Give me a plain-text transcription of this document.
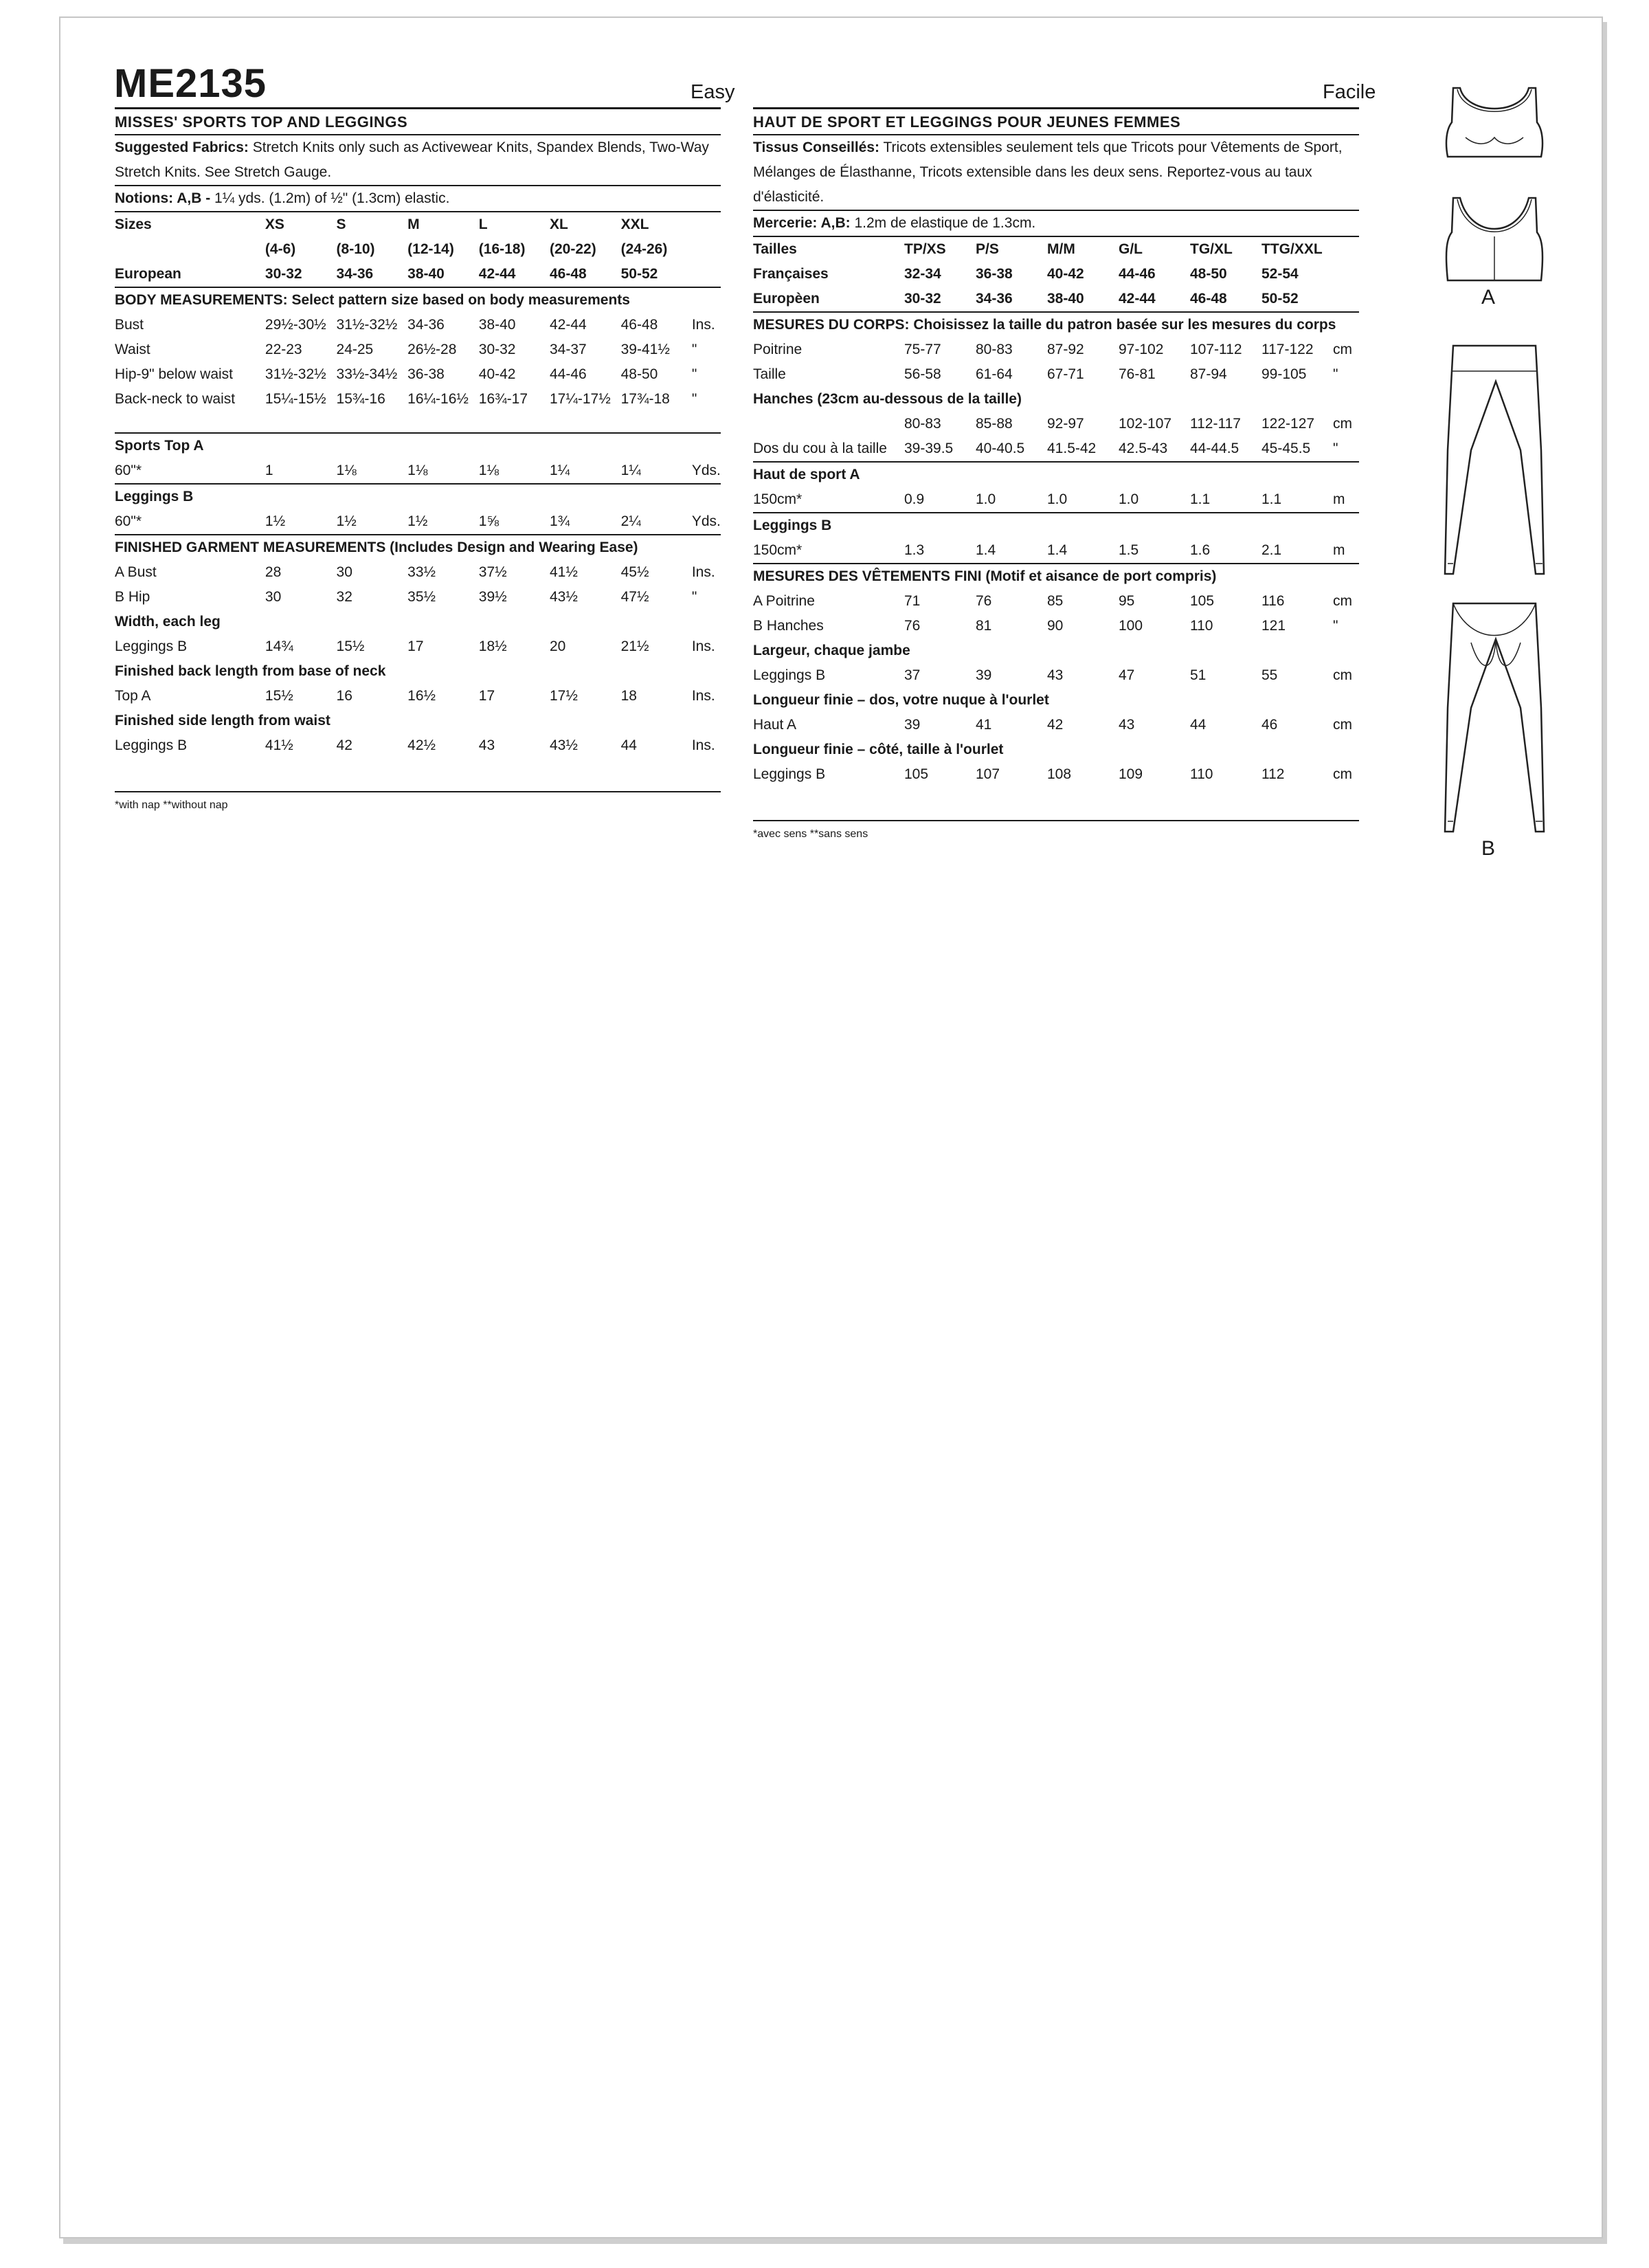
ME2135	Easy	Facile
MISSES' SPORTS TOP AND LEGGINGS
Suggested Fabrics: Stretch Knits only such as Activewear Knits, Spandex Blends, Two-Way Stretch Knits. See Stretch Gauge.
Notions: A,B - 1¼ yds. (1.2m) of ½" (1.3cm) elastic.
Sizes	XS	S	M	L	XL	XXL	
	(4-6)	(8-10)	(12-14)	(16-18)	(20-22)	(24-26)	
European	30-32	34-36	38-40	42-44	46-48	50-52	
BODY MEASUREMENTS: Select pattern size based on body measurements							
Bust	29½-30½	31½-32½	34-36	38-40	42-44	46-48	Ins.
Waist	22-23	24-25	26½-28	30-32	34-37	39-41½	"
Hip-9" below waist	31½-32½	33½-34½	36-38	40-42	44-46	48-50	"
Back-neck to waist	15¼-15½	15¾-16	16¼-16½	16¾-17	17¼-17½	17¾-18	"

Sports Top A							
60"*	1	1⅛	1⅛	1⅛	1¼	1¼	Yds.
Leggings B							
60"*	1½	1½	1½	1⅝	1¾	2¼	Yds.
FINISHED GARMENT MEASUREMENTS (Includes Design and Wearing Ease)							
A Bust	28	30	33½	37½	41½	45½	Ins.
B Hip	30	32	35½	39½	43½	47½	"
Width, each leg							
Leggings B	14¾	15½	17	18½	20	21½	Ins.
Finished back length from base of neck							
Top A	15½	16	16½	17	17½	18	Ins.
Finished side length from waist							
Leggings B	41½	42	42½	43	43½	44	Ins.
*with nap **without nap
HAUT DE SPORT ET LEGGINGS POUR JEUNES FEMMES
Tissus Conseillés: Tricots extensibles seulement tels que Tricots pour Vêtements de Sport, Mélanges de Élasthanne, Tricots extensible dans les deux sens. Reportez-vous au taux d'élasticité.
Mercerie: A,B: 1.2m de elastique de 1.3cm.
Tailles	TP/XS	P/S	M/M	G/L	TG/XL	TTG/XXL	
Françaises	32-34	36-38	40-42	44-46	48-50	52-54	
Europèen	30-32	34-36	38-40	42-44	46-48	50-52	
MESURES DU CORPS: Choisissez la taille du patron basée sur les mesures du corps							
Poitrine	75-77	80-83	87-92	97-102	107-112	117-122	cm
Taille	56-58	61-64	67-71	76-81	87-94	99-105	"
Hanches (23cm au-dessous de la taille)							
	80-83	85-88	92-97	102-107	112-117	122-127	cm
Dos du cou à la taille	39-39.5	40-40.5	41.5-42	42.5-43	44-44.5	45-45.5	"
Haut de sport A							
150cm*	0.9	1.0	1.0	1.0	1.1	1.1	m
Leggings B							
150cm*	1.3	1.4	1.4	1.5	1.6	2.1	m
MESURES DES VÊTEMENTS FINI (Motif et aisance de port compris)							
A Poitrine	71	76	85	95	105	116	cm
B Hanches	76	81	90	100	110	121	"
Largeur, chaque jambe							
Leggings B	37	39	43	47	51	55	cm
Longueur finie – dos, votre nuque à l'ourlet							
Haut A	39	41	42	43	44	46	cm
Longueur finie – côté, taille à l'ourlet							
Leggings B	105	107	108	109	110	112	cm
*avec sens **sans sens
A
B
